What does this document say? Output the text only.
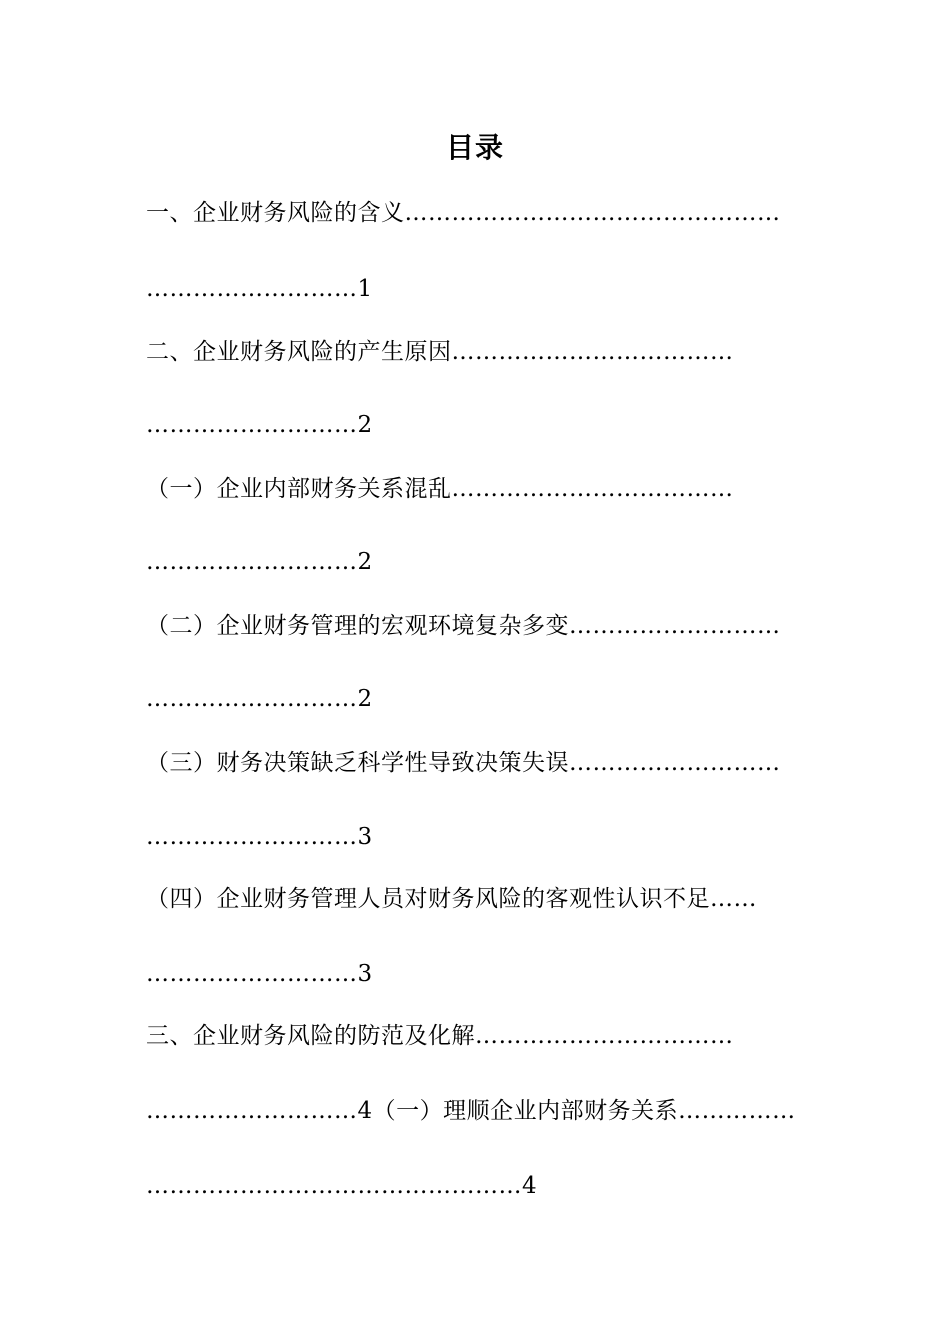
目录
一、企业财务风险的含义…………………………………………
………………………1
二、企业财务风险的产生原因………………………………
………………………2
（一）企业内部财务关系混乱………………………………
………………………2
（二）企业财务管理的宏观环境复杂多变………………………
………………………2
（三）财务决策缺乏科学性导致决策失误………………………
………………………3
（四）企业财务管理人员对财务风险的客观性认识不足……
………………………3
三、企业财务风险的防范及化解……………………………
………………………4（一）理顺企业内部财务关系……………
…………………………………………4
